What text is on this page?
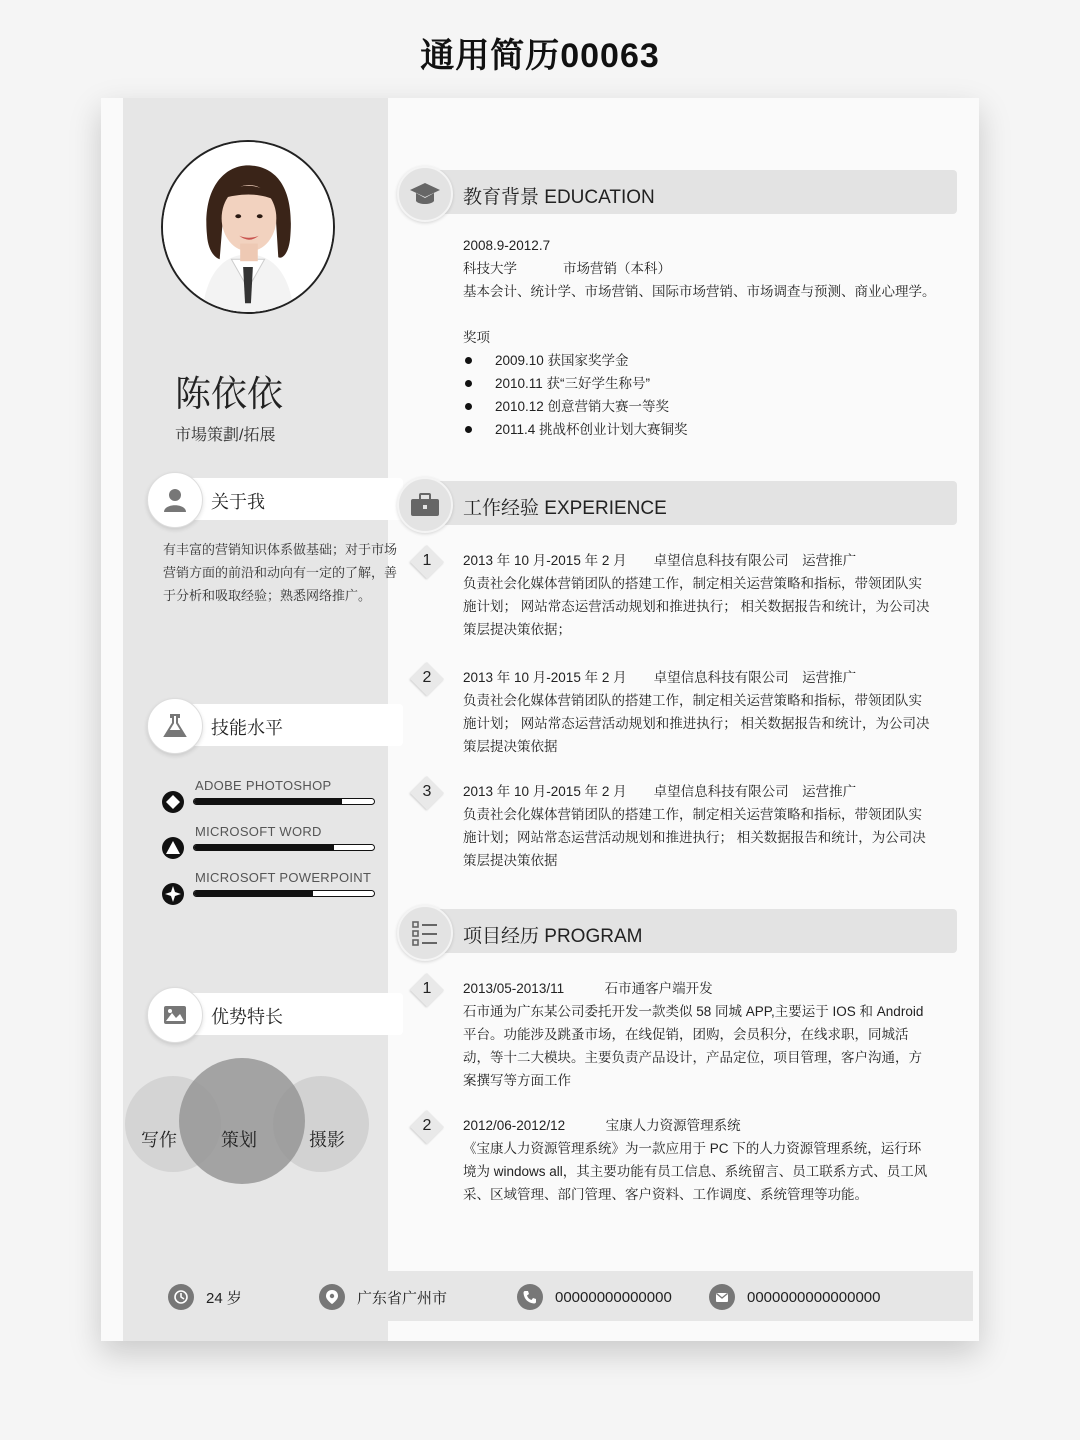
通用简历00063
陈依依
市場策劃/拓展
关于我
有丰富的营销知识体系做基础；对于市场营销方面的前沿和动向有一定的了解，善于分析和吸取经验；熟悉网络推广。
技能水平
ADOBE PHOTOSHOP
MICROSOFT WORD
MICROSOFT POWERPOINT
优势特长
写作 策划	摄影
教育背景 EDUCATION
2008.9-2012.7
科技大学	市场营销（本科）
基本会计、统计学、市场营销、国际市场营销、市场调查与预测、商业心理学。
奖项
2009.10 获国家奖学金
2010.11 获“三好学生称号”
2010.12 创意营销大赛一等奖
2011.4 挑战杯创业计划大赛铜奖
工作经验 EXPERIENCE
1	2013 年 10 月-2015 年 2 月　　卓望信息科技有限公司　运营推广
负责社会化媒体营销团队的搭建工作，制定相关运营策略和指标，带领团队实施计划； 网站常态运营活动规划和推进执行； 相关数据报告和统计，为公司决策层提决策依据；
2	2013 年 10 月-2015 年 2 月　　卓望信息科技有限公司　运营推广
负责社会化媒体营销团队的搭建工作，制定相关运营策略和指标，带领团队实施计划； 网站常态运营活动规划和推进执行； 相关数据报告和统计，为公司决策层提决策依据
3	2013 年 10 月-2015 年 2 月　　卓望信息科技有限公司　运营推广
负责社会化媒体营销团队的搭建工作，制定相关运营策略和指标，带领团队实施计划；网站常态运营活动规划和推进执行； 相关数据报告和统计，为公司决策层提决策依据
项目经历 PROGRAM
1	2013/05-2013/11　　　石市通客户端开发
石市通为广东某公司委托开发一款类似 58 同城 APP,主要运于 IOS 和 Android 平台。功能涉及跳蚤市场，在线促销，团购，会员积分，在线求职，同城活动，等十二大模块。主要负责产品设计，产品定位，项目管理，客户沟通，方案撰写等方面工作
2	2012/06-2012/12　　　宝康人力资源管理系统
《宝康人力资源管理系统》为一款应用于 PC 下的人力资源管理系统，运行环境为 windows all，其主要功能有员工信息、系统留言、员工联系方式、员工风采、区域管理、部门管理、客户资料、工作调度、系统管理等功能。
24 岁	广东省广州市	00000000000000	0000000000000000
